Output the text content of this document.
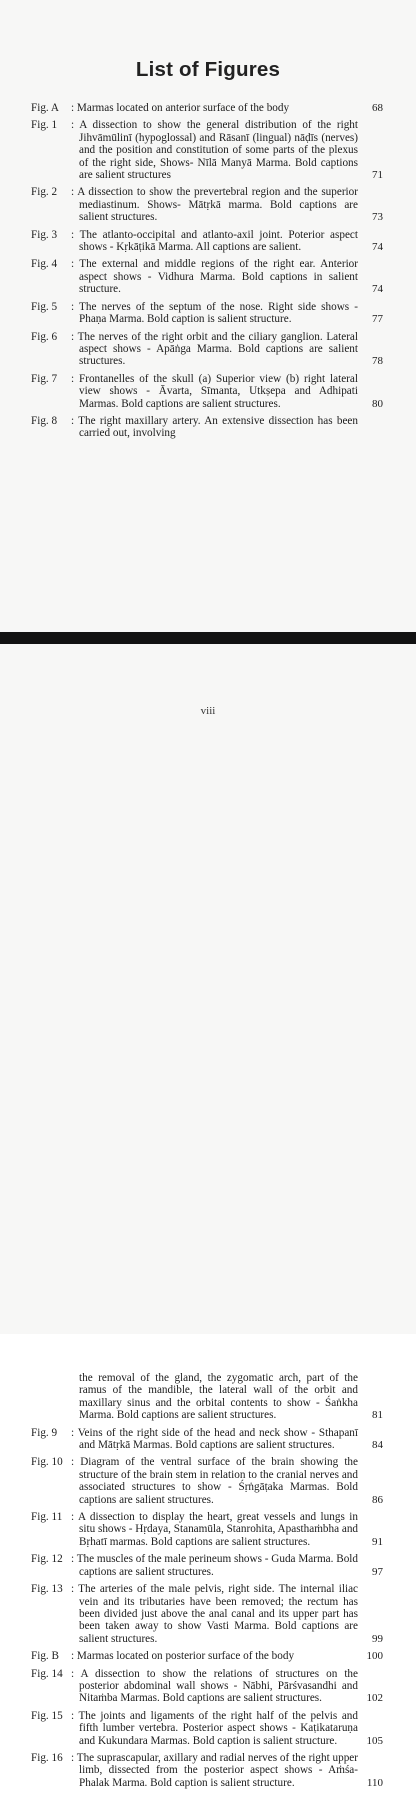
List of Figures
Fig. A	: Marmas located on anterior surface of the body	68
Fig. 1	: A dissection to show the general distribution of the right Jihvāmūlinī (hypoglossal) and Rāsanī (lingual) nāḍīs (nerves) and the position and constitution of some parts of the plexus of the right side, Shows- Nīlā Manyā Marma. Bold captions are salient structures	71
Fig. 2	: A dissection to show the prevertebral region and the superior mediastinum. Shows- Mātṛkā marma. Bold captions are salient structures.	73
Fig. 3	: The atlanto-occipital and atlanto-axil joint. Poterior aspect shows - Kṛkāṭikā Marma. All captions are salient.	74
Fig. 4	: The external and middle regions of the right ear. Anterior aspect shows - Vidhura Marma. Bold captions in salient structure.	74
Fig. 5	: The nerves of the septum of the nose. Right side shows - Phaṇa Marma. Bold caption is salient structure.	77
Fig. 6	: The nerves of the right orbit and the ciliary ganglion. Lateral aspect shows - Apāṅga Marma. Bold captions are salient structures.	78
Fig. 7	: Frontanelles of the skull (a) Superior view (b) right lateral view shows - Āvarta, Sīmanta, Utkṣepa and Adhipati Marmas. Bold captions are salient structures.	80
Fig. 8	: The right maxillary artery. An extensive dissection has been carried out, involving
viii
the removal of the gland, the zygomatic arch, part of the ramus of the mandible, the lateral wall of the orbit and maxillary sinus and the orbital contents to show - Śaṅkha Marma. Bold captions are salient structures.	81
Fig. 9	: Veins of the right side of the head and neck show - Sthapanī and Mātṛkā Marmas. Bold captions are salient structures.	84
Fig. 10 : Diagram of the ventral surface of the brain showing the structure of the brain stem in relation to the cranial nerves and associated structures to show - Śṛṅgāṭaka Marmas. Bold captions are salient structures.	86
Fig. 11 : A dissection to display the heart, great vessels and lungs in situ shows - Hṛdaya, Stanamūla, Stanrohita, Apasthaṁbha and Bṛhatī marmas. Bold captions are salient structures.	91
Fig. 12 : The muscles of the male perineum shows - Guda Marma. Bold captions are salient structures.	97
Fig. 13 : The arteries of the male pelvis, right side. The internal iliac vein and its tributaries have been removed; the rectum has been divided just above the anal canal and its upper part has been taken away to show Vasti Marma. Bold captions are salient structures.	99
Fig. B	: Marmas located on posterior surface of the body	100
Fig. 14 : A dissection to show the relations of structures on the posterior abdominal wall shows - Nābhi, Pārśvasandhi and Nitaṁba Marmas. Bold captions are salient structures.	102
Fig. 15 : The joints and ligaments of the right half of the pelvis and fifth lumber vertebra. Posterior aspect shows - Kaṭikataruṇa and Kukundara Marmas. Bold caption is salient structure.	105
Fig. 16 : The suprascapular, axillary and radial nerves of the right upper limb, dissected from the posterior aspect shows - Aṁśa-Phalak Marma. Bold caption is salient structure.	110
